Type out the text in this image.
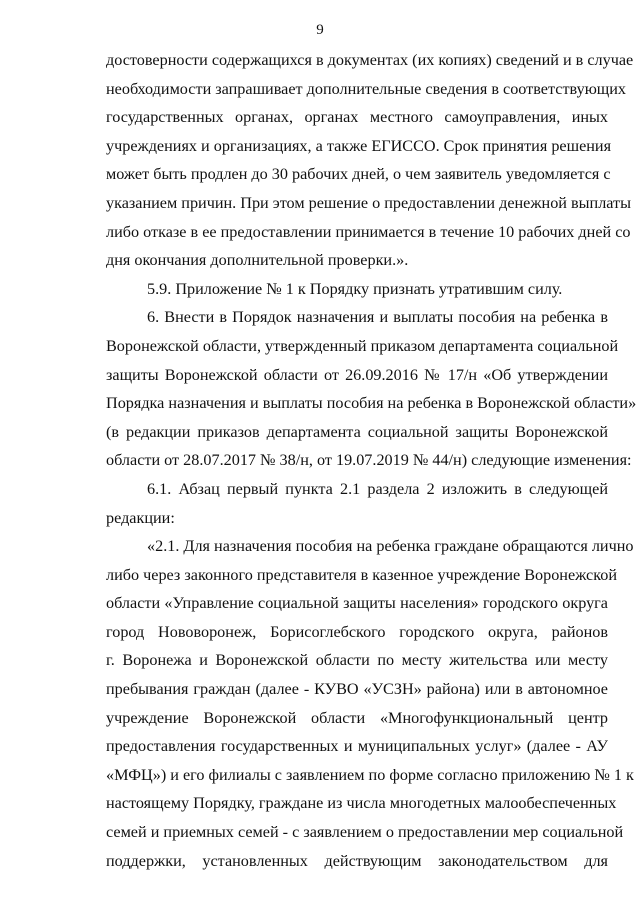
9

достоверности содержащихся в документах (их копиях) сведений и в случае
необходимости запрашивает дополнительные сведения в соответствующих
государственных органах, органах местного самоуправления, иных
учреждениях и организациях, а также ЕГИССО. Срок принятия решения
может быть продлен до 30 рабочих дней, о чем заявитель уведомляется с
указанием причин. При этом решение о предоставлении денежной выплаты
либо отказе в ее предоставлении принимается в течение 10 рабочих дней со
дня окончания дополнительной проверки.».

5.9. Приложение № 1 к Порядку признать утратившим силу.

6. Внести в Порядок назначения и выплаты пособия на ребенка в
Воронежской области, утвержденный приказом департамента социальной
защиты Воронежской области от 26.09.2016 № 17/н «Об утверждении
Порядка назначения и выплаты пособия на ребенка в Воронежской области»
(в редакции приказов департамента социальной защиты Воронежской
области от 28.07.2017 № 38/н, от 19.07.2019 № 44/н) следующие изменения:

6.1. Абзац первый пункта 2.1 раздела 2 изложить в следующей
редакции:

«2.1. Для назначения пособия на ребенка граждане обращаются лично
либо через законного представителя в казенное учреждение Воронежской
области «Управление социальной защиты населения» городского округа
город Нововоронеж, Борисоглебского городского округа, районов
г. Воронежа и Воронежской области по месту жительства или месту
пребывания граждан (далее - КУВО «УСЗН» района) или в автономное
учреждение Воронежской области «Многофункциональный центр
предоставления государственных и муниципальных услуг» (далее - АУ
«МФЦ») и его филиалы с заявлением по форме согласно приложению № 1 к
настоящему Порядку, граждане из числа многодетных малообеспеченных
семей и приемных семей - с заявлением о предоставлении мер социальной
поддержки, установленных действующим законодательством для
